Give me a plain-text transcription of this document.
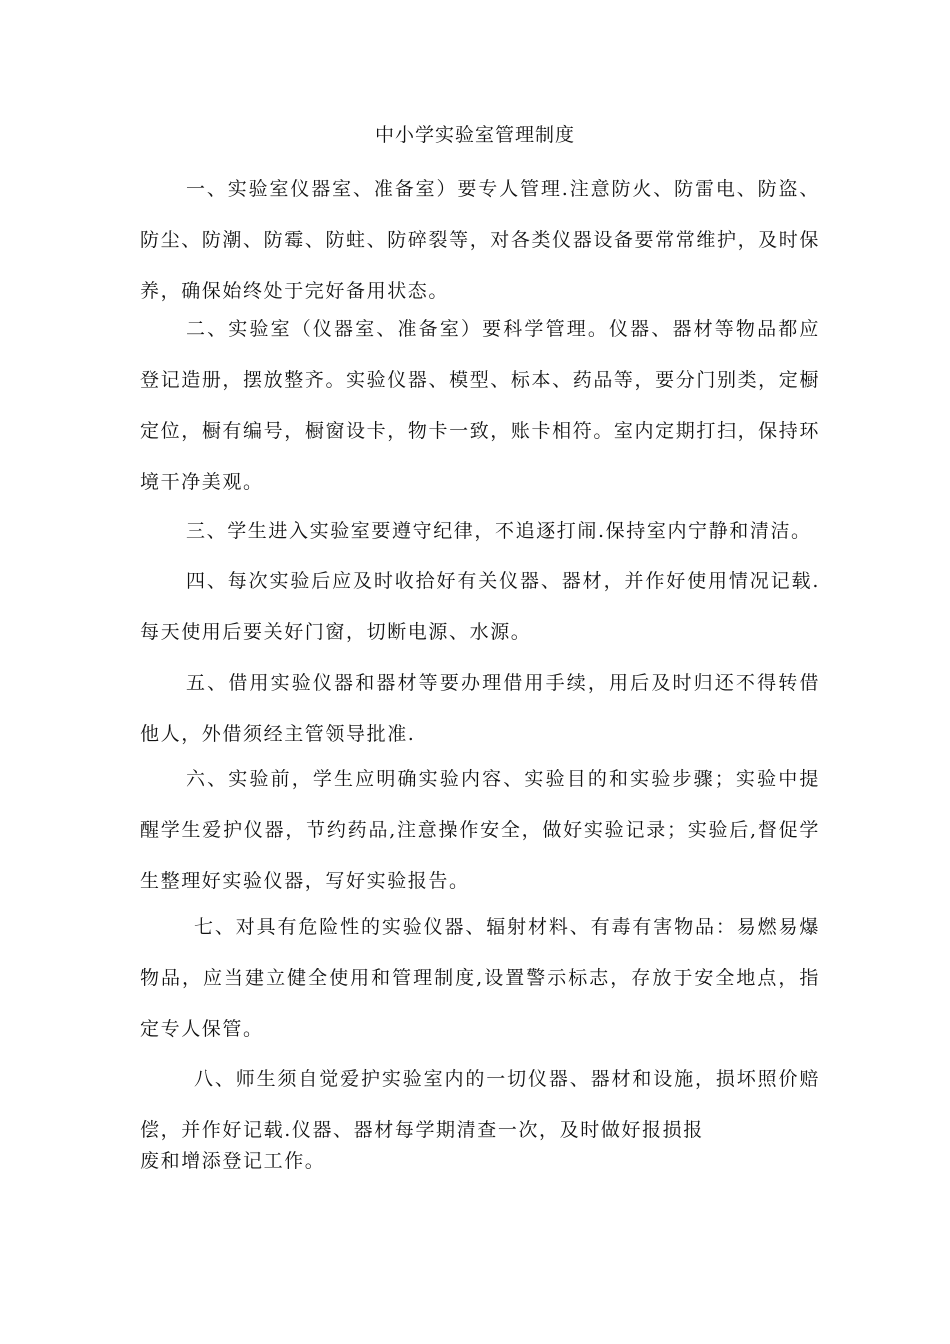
中小学实验室管理制度
一、实验室仪器室、准备室）要专人管理.注意防火、防雷电、防盗、防尘、防潮、防霉、防蛀、防碎裂等，对各类仪器设备要常常维护，及时保养，确保始终处于完好备用状态。
二、实验室（仪器室、准备室）要科学管理。仪器、器材等物品都应登记造册，摆放整齐。实验仪器、模型、标本、药品等，要分门别类，定橱定位，橱有编号，橱窗设卡，物卡一致，账卡相符。室内定期打扫，保持环境干净美观。
三、学生进入实验室要遵守纪律，不追逐打闹.保持室内宁静和清洁。
四、每次实验后应及时收拾好有关仪器、器材，并作好使用情况记载.每天使用后要关好门窗，切断电源、水源。
五、借用实验仪器和器材等要办理借用手续，用后及时归还不得转借他人，外借须经主管领导批准.
六、实验前，学生应明确实验内容、实验目的和实验步骤；实验中提醒学生爱护仪器，节约药品,注意操作安全，做好实验记录；实验后,督促学生整理好实验仪器，写好实验报告。
七、对具有危险性的实验仪器、辐射材料、有毒有害物品：易燃易爆物品，应当建立健全使用和管理制度,设置警示标志，存放于安全地点，指定专人保管。
八、师生须自觉爱护实验室内的一切仪器、器材和设施，损坏照价赔偿，并作好记载.仪器、器材每学期清查一次，及时做好报损报
废和增添登记工作。
